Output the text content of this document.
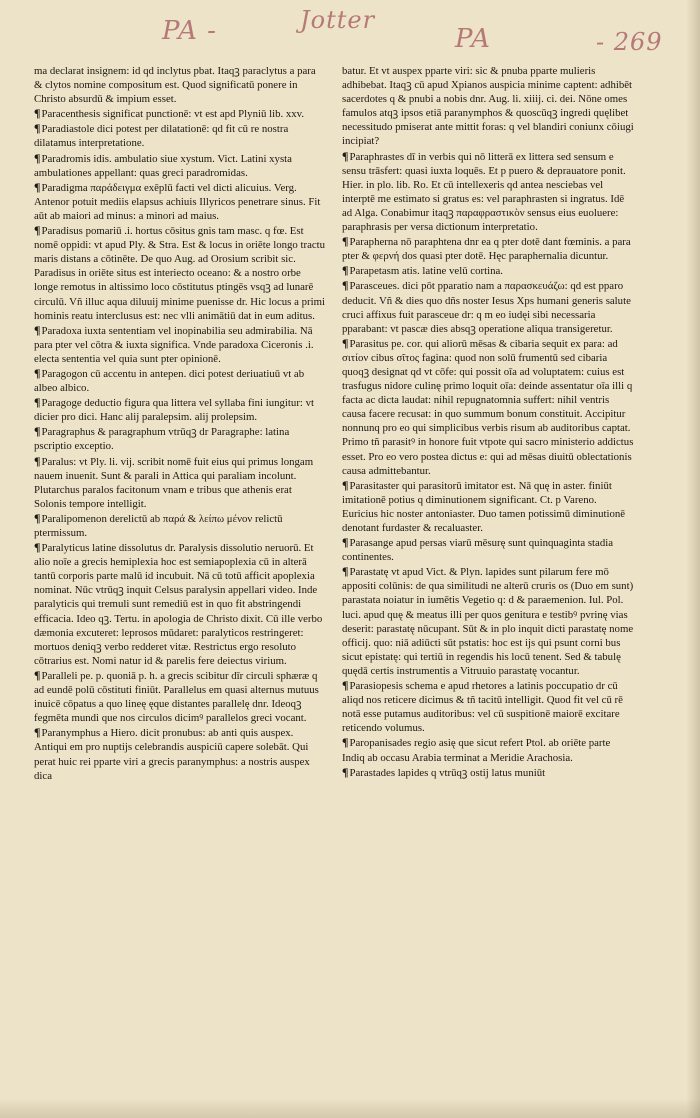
PA -	Jotter
PA	- 269

ma declarat insignem: id qd inclytus pbat. Itaqꝫ paraclytus a para & clytos nomine compositum est. Quod significatū ponere in Christo absurdū & impium esset.

¶ Paracenthesis significat punctionē: vt est apd Plyniū lib. xxv.

¶ Paradiastole dici potest per dilatationē: qd fit cū re nostra dilatamus interpretatione.

¶ Paradromis idis. ambulatio siue xystum. Vict. Latini xysta ambulationes appellant: quas greci paradromidas.

¶ Paradigma παράδειγμα exēplū facti vel dicti alicuius. Verg. Antenor potuit mediis elapsus achiuis Illyricos penetrare sinus. Fit aūt ab maiori ad minus: a minori ad maius.

¶ Paradisus pomariū .i. hortus cōsitus gnis tam masc. q fœ. Est nomē oppidi: vt apud Ply. & Stra. Est & locus in oriēte longo tractu maris distans a cōtinēte. De quo Aug. ad Orosium scribit sic. Paradisus in oriēte situs est interiecto oceano: & a nostro orbe longe remotus in altissimo loco cōstitutus ptingēs vsqꝫ ad lunarē circulū. Vñ illuc aqua diluuij minime puenisse dr. Hic locus a primi hominis reatu interclusus est: nec vlli animātiū dat in eum aditus.

¶ Paradoxa iuxta sententiam vel inopinabilia seu admirabilia. Nā para pter vel cōtra & iuxta significa. Vnde paradoxa Ciceronis .i. electa sententia vel quia sunt pter opinionē.

¶ Paragogon cū accentu in antepen. dici potest deriuatiuū vt ab albeo albico.

¶ Paragoge deductio figura qua littera vel syllaba fini iungitur: vt dicier pro dici. Hanc alij paralepsim. alij prolepsim.

¶ Paragraphus & paragraphum vtrūqꝫ dr Paragraphe: latina pscriptio exceptio.

¶ Paralus: vt Ply. li. vij. scribit nomē fuit eius qui primus longam nauem inuenit. Sunt & parali in Attica qui paraliam incolunt. Plutarchus paralos facitonum vnam e tribus que athenis erat Solonis tempore intelligit.

¶ Paralipomenon derelictū ab παρά & λείπω μένον relictū ptermissum.

¶ Paralyticus latine dissolutus dr. Paralysis dissolutio neruorū. Et alio noīe a grecis hemiplexia hoc est semiapoplexia cū in alterā tantū corporis parte malū id incubuit. Nā cū totū afficit apoplexia nominat. Nūc vtrūqꝫ inquit Celsus paralysin appellari video. Inde paralyticis qui tremuli sunt remediū est in quo fit abstringendi efficacia. Ideo qꝫ. Tertu. in apologia de Christo dixit. Cū ille verbo dæmonia excuteret: leprosos mūdaret: paralyticos restringeret: mortuos deniqꝫ verbo redderet vitæ. Restrictus ergo resoluto cōtrarius est. Nomi natur id & parelis fere deiectus virium.

¶ Paralleli pe. p. quoniā p. h. a grecis scibitur dīr circuli sphæræ q ad eundē polū cōstituti finiūt. Parallelus em quasi alternus mutuus inuicē cōpatus a quo lineę ęque distantes parallelę dnr. Ideoqꝫ fegmēta mundi que nos circulos dicimꝰ parallelos greci vocant.

¶ Paranymphus a Hiero. dicit pronubus: ab anti quis auspex. Antiqui em pro nuptijs celebrandis auspiciū capere solebāt. Qui perat huic rei pparte viri a grecis paranymphus: a nostris auspex dica

batur. Et vt auspex pparte viri: sic & pnuba pparte mulieris adhibebat. Itaqꝫ cū apud Xpianos auspicia minime captent: adhibēt sacerdotes q & pnubi a nobis dnr. Aug. li. xiiij. ci. dei. Nōne omes famulos atqꝫ ipsos etiā paranymphos & quoscūqꝫ ingredi quęlibet necessitudo pmiserat ante mittit foras: q vel blandiri coniunx cōiugi incipiat?

¶ Paraphrastes dī in verbis qui nō litterā ex littera sed sensum e sensu trāsfert: quasi iuxta loquēs. Et p puero & deprauatore ponit. Hier. in plo. lib. Ro. Et cū intellexeris qd antea nesciebas vel interptē me estimato si gratus es: vel paraphrasten si ingratus. Idē ad Alga. Conabimur itaqꝫ παραφραστικὸν sensus eius euoluere: paraphrasis per versa dictionum interpretatio.

¶ Parapherna nō paraphtena dnr ea q pter dotē dant fœminis. a para pter & φερνή dos quasi pter dotē. Hęc paraphernalia dicuntur.

¶ Parapetasm atis. latine velū cortina.

¶ Parasceues. dici pōt pparatio nam a παρασκευάζω: qd est pparo deducit. Vñ & dies quo dñs noster Iesus Xps humani generis salute cruci affixus fuit parasceue dr: q m eo iudęi sibi necessaria pparabant: vt pascæ dies absqꝫ operatione aliqua transigeretur.

¶ Parasitus pe. cor. qui aliorū mēsas & cibaria sequit ex para: ad σιτίον cibus σῖτος fagina: quod non solū frumentū sed cibaria quoqꝫ designat qd vt cōfe: qui possit oīa ad voluptatem: cuius est trasfugus nidore culinę primo loquit oīa: deinde assentatur oīa illi q facta ac dicta laudat: nihil repugnatomnia suffert: nihil ventris causa facere recusat: in quo summum bonum constituit. Accipitur nonnunq pro eo qui simplicibus verbis risum ab auditoribus captat. Primo tñ parasitꝰ in honore fuit vtpote qui sacro ministerio addictus esset. Pro eo vero postea dictus e: qui ad mēsas diuitū oblectationis causa admittebantur.

¶ Parasitaster qui parasitorū imitator est. Nā quę in aster. finiūt imitationē potius q diminutionem significant. Ct. p Vareno. Euricius hic noster antoniaster. Duo tamen potissimū diminutionē denotant furdaster & recaluaster.

¶ Parasange apud persas viarū mēsurę sunt quinquaginta stadia continentes.

¶ Parastatę vt apud Vict. & Plyn. lapides sunt pilarum fere mō appositi colūnis: de qua similitudi ne alterū cruris os (Duo em sunt) parastata noiatur in iumētis Vegetio q: d & paraemenion. Iul. Pol. luci. apud quę & meatus illi per quos genitura e testibꝰ pvrinę vias deserit: parastatę nūcupant. Sūt & in plo inquit dicti parastatę nome officij. quo: niā adiūcti sūt pstatis: hoc est ijs qui psunt corni bus sicut epistatę: qui tertiū in regendis his locū tenent. Sed & tabulę quędā certis instrumentis a Vitruuio parastatę vocantur.

¶ Parasiopesis schema e apud rhetores a latinis poccupatio dr cū aliqd nos reticere dicimus & tñ tacitū intelligit. Quod fit vel cū rē notā esse putamus auditoribus: vel cū suspitionē maiorē excitare reticendo volumus.

¶ Paropanisades regio asię que sicut refert Ptol. ab oriēte parte Indiq ab occasu Arabia terminat a Meridie Arachosia.

¶ Parastades lapides q vtrūqꝫ ostij latus muniūt
